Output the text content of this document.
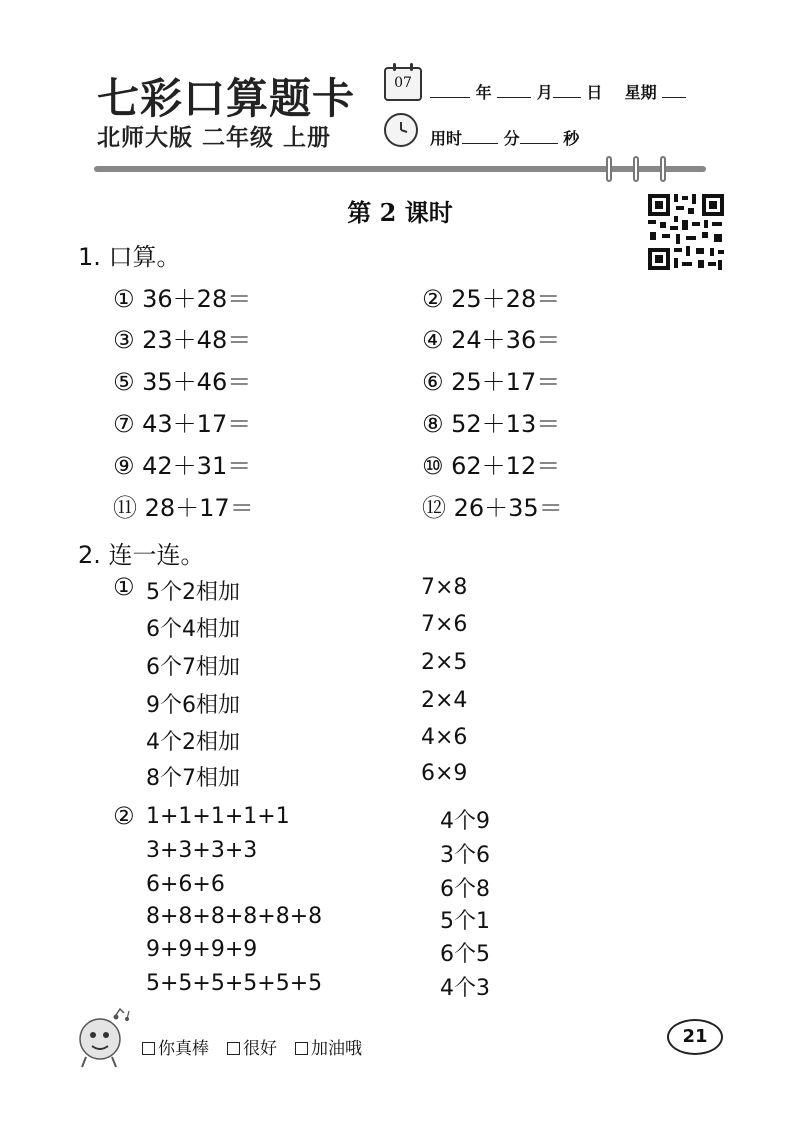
七彩口算题卡
北师大版 二年级 上册
07	年	月 日 星期
用时	分	秒
第 2 课时
1. 口算。
① 36＋28＝	② 25＋28＝
③ 23＋48＝	④ 24＋36＝
⑤ 35＋46＝	⑥ 25＋17＝
⑦ 43＋17＝	⑧ 52＋13＝
⑨ 42＋31＝	⑩ 62＋12＝
⑪ 28＋17＝	⑫ 26＋35＝
2. 连一连。
① 5个2相加
6个4相加
6个7相加
9个6相加
4个2相加
8个7相加
7×8
7×6
2×5
2×4
4×6
6×9
② 1+1+1+1+1
3+3+3+3
6+6+6
8+8+8+8+8+8
9+9+9+9
5+5+5+5+5+5
4个9
3个6
6个8
5个1
6个5
4个3
你真棒 很好 加油哦
21
